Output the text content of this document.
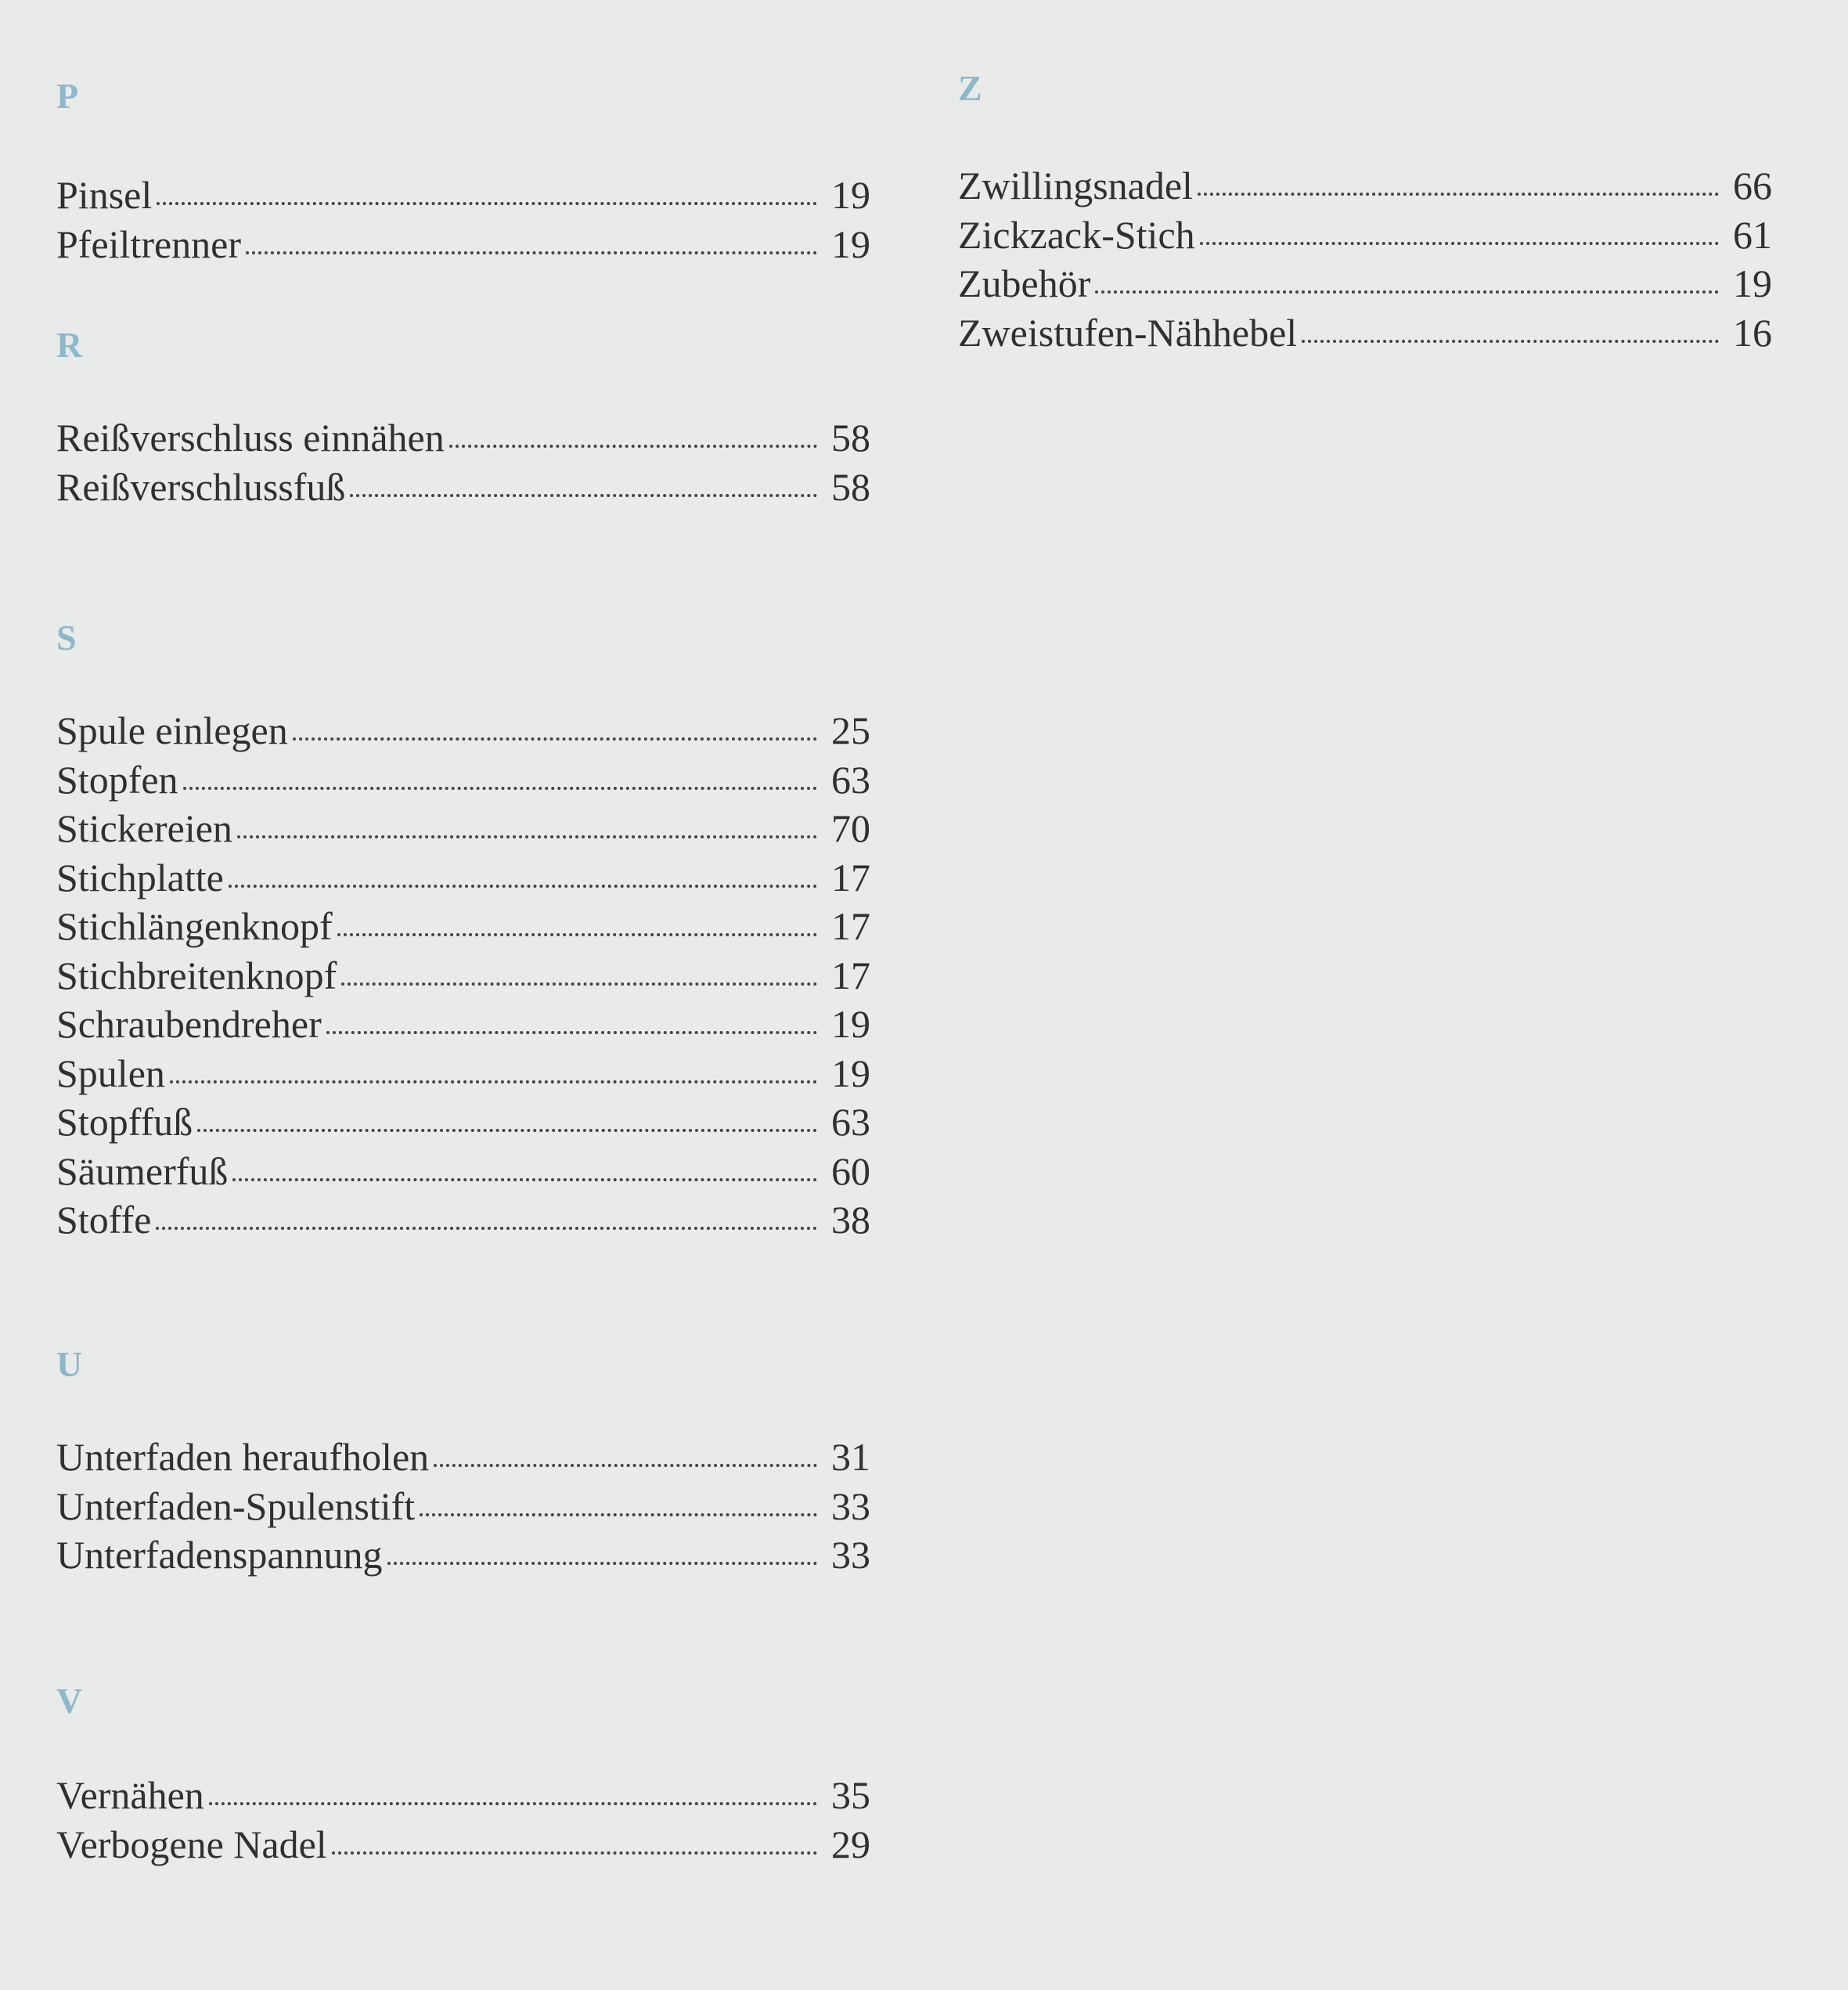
P
Pinsel	19
Pfeiltrenner	19
R
Reißverschluss einnähen	58
Reißverschlussfuß	58
S
Spule einlegen	25
Stopfen	63
Stickereien	70
Stichplatte	17
Stichlängenknopf	17
Stichbreitenknopf	17
Schraubendreher	19
Spulen	19
Stopffuß	63
Säumerfuß	60
Stoffe	38
U
Unterfaden heraufholen	31
Unterfaden-Spulenstift	33
Unterfadenspannung	33
V
Vernähen	35
Verbogene Nadel	29
Z
Zwillingsnadel	66
Zickzack-Stich	61
Zubehör	19
Zweistufen-Nähhebel	16
